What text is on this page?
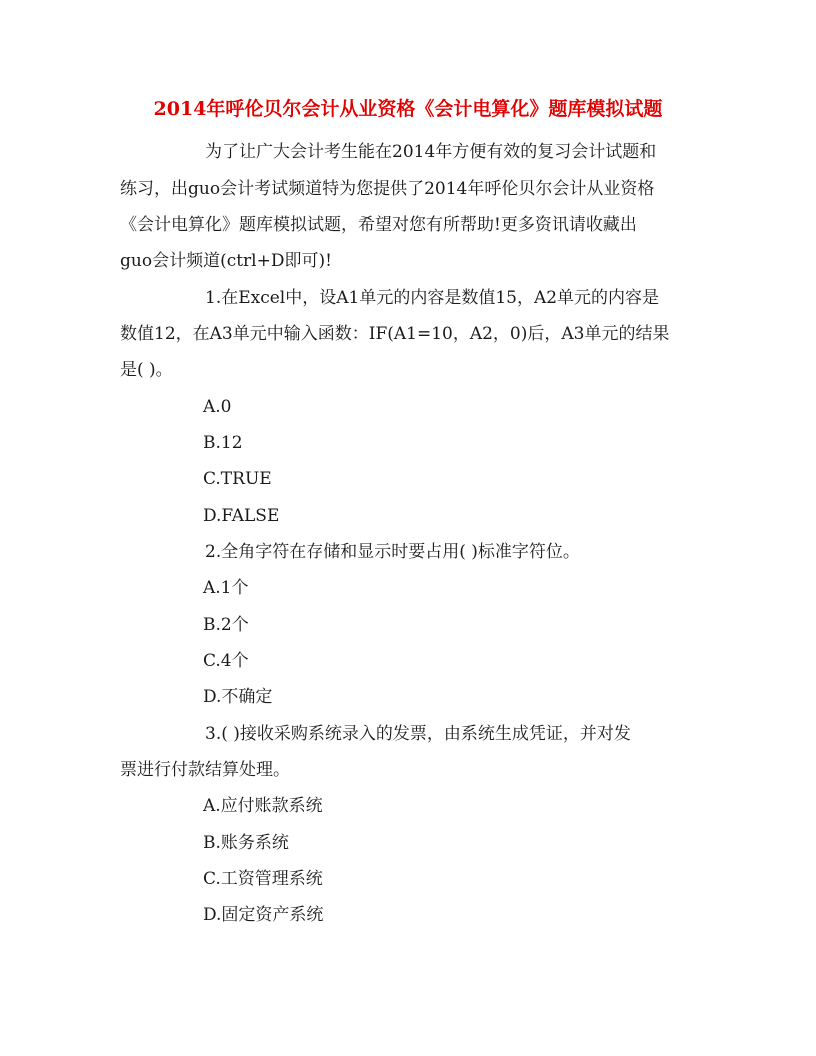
2014年呼伦贝尔会计从业资格《会计电算化》题库模拟试题
为了让广大会计考生能在2014年方便有效的复习会计试题和
练习，出guo会计考试频道特为您提供了2014年呼伦贝尔会计从业资格
《会计电算化》题库模拟试题，希望对您有所帮助!更多资讯请收藏出
guo会计频道(ctrl+D即可)!
1.在Excel中，设A1单元的内容是数值15，A2单元的内容是
数值12，在A3单元中输入函数：IF(A1=10，A2，0)后，A3单元的结果
是( )。
A.0
B.12
C.TRUE
D.FALSE
2.全角字符在存储和显示时要占用( )标准字符位。
A.1个
B.2个
C.4个
D.不确定
3.( )接收采购系统录入的发票，由系统生成凭证，并对发
票进行付款结算处理。
A.应付账款系统
B.账务系统
C.工资管理系统
D.固定资产系统
